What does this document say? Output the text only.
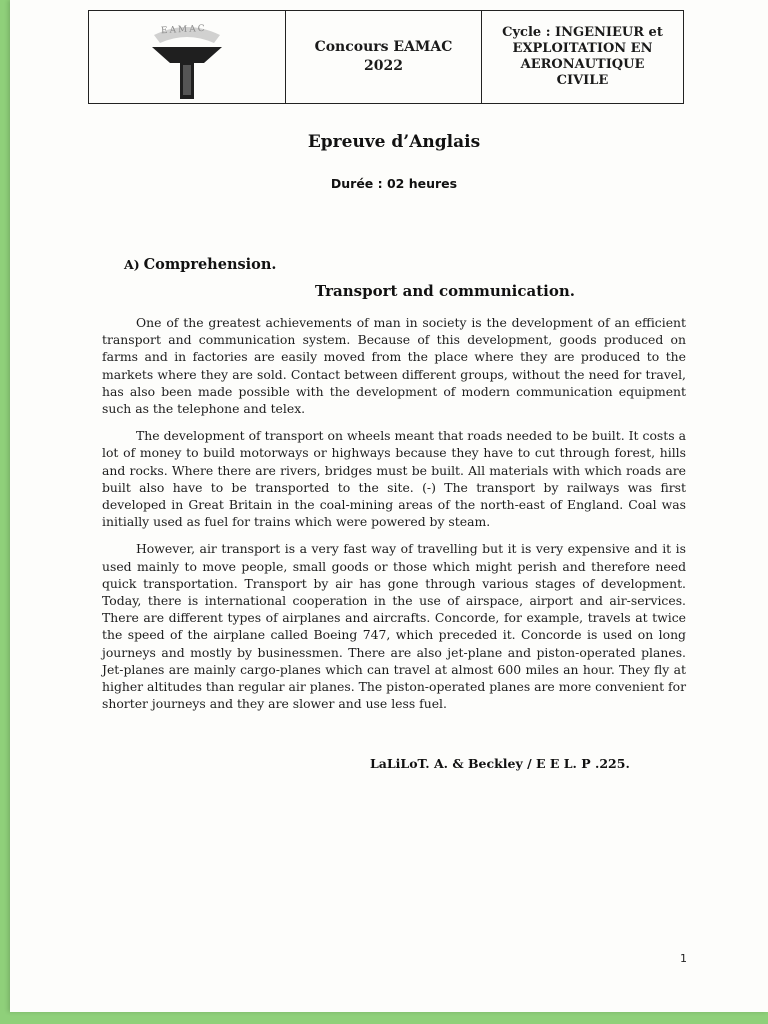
EAMAC
Concours EAMAC
2022
Cycle : INGENIEUR et
EXPLOITATION EN
AERONAUTIQUE
CIVILE
Epreuve d’Anglais
Durée : 02 heures
A) Comprehension.
Transport and communication.

One of the greatest achievements of man in society is the development of an efficient transport and communication system. Because of this development, goods produced on farms and in factories are easily moved from the place where they are produced to the markets where they are sold. Contact between different groups, without the need for travel, has also been made possible with the development of modern communication equipment such as the telephone and telex.

The development of transport on wheels meant that roads needed to be built. It costs a lot of money to build motorways or highways because they have to cut through forest, hills and rocks. Where there are rivers, bridges must be built. All materials with which roads are built also have to be transported to the site. (-) The transport by railways was first developed in Great Britain in the coal-mining areas of the north-east of England. Coal was initially used as fuel for trains which were powered by steam.

However, air transport is a very fast way of travelling but it is very expensive and it is used mainly to move people, small goods or those which might perish and therefore need quick transportation. Transport by air has gone through various stages of development. Today, there is international cooperation in the use of airspace, airport and air-services. There are different types of airplanes and aircrafts. Concorde, for example, travels at twice the speed of the airplane called Boeing 747, which preceded it. Concorde is used on long journeys and mostly by businessmen. There are also jet-plane and piston-operated planes. Jet-planes are mainly cargo-planes which can travel at almost 600 miles an hour. They fly at higher altitudes than regular air planes. The piston-operated planes are more convenient for shorter journeys and they are slower and use less fuel.

LaLiLoT. A. & Beckley / E E L. P .225.
1
